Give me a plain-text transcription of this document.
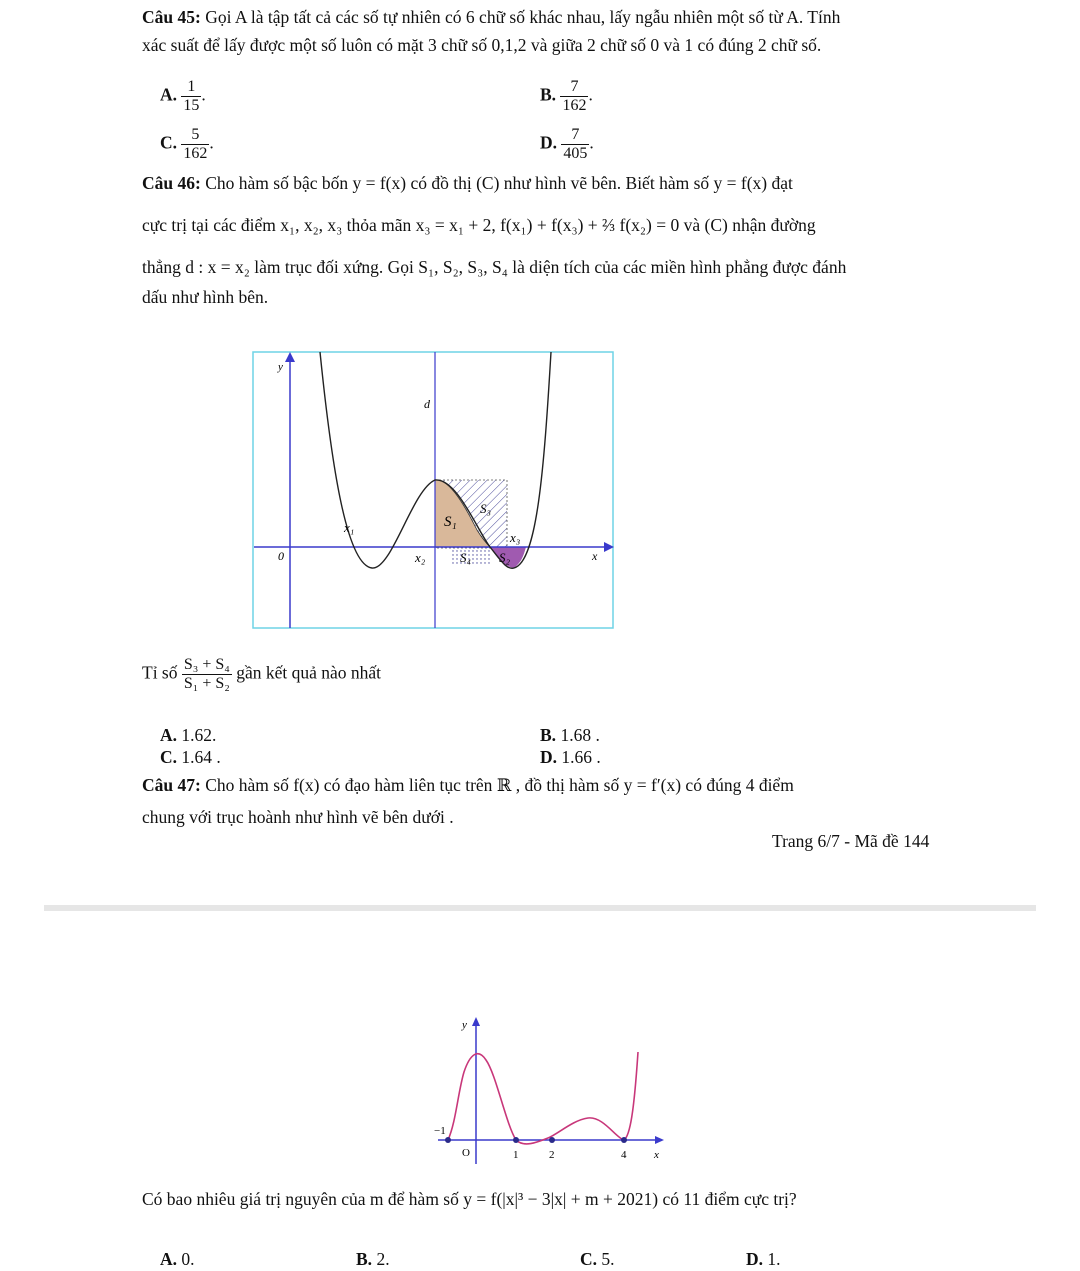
Câu 45: Gọi A là tập tất cả các số tự nhiên có 6 chữ số khác nhau, lấy ngẫu nhiên một số từ A. Tính
xác suất để lấy được một số luôn có mặt 3 chữ số 0,1,2 và giữa 2 chữ số 0 và 1 có đúng 2 chữ số.
A. $\frac{1}{15}$ .	B. $\frac{7}{162}$ .
C. $\frac{5}{162}$ .	D. $\frac{7}{405}$ .
Câu 46: Cho hàm số bậc bốn y = f(x) có đồ thị (C) như hình vẽ bên. Biết hàm số y = f(x) đạt
cực trị tại các điểm x₁, x₂, x₃ thỏa mãn x₃ = x₁ + 2, f(x₁) + f(x₃) + ⅔ f(x₂) = 0 và (C) nhận đường
thẳng d : x = x₂ làm trục đối xứng. Gọi S₁, S₂, S₃, S₄ là diện tích của các miền hình phẳng được đánh
dấu như hình bên.
y
d
x₁
0	x₂
x₃
x
S₁
S₂
S₃
S₄
Tỉ số $\frac{\text{S₃ + S₄}}{\text{S₁ + S₂}}$ gần kết quả nào nhất
A. 1.62.	B. 1.68 .
C. 1.64 .	D. 1.66 .
Câu 47: Cho hàm số f(x) có đạo hàm liên tục trên ℝ , đồ thị hàm số y = f′(x) có đúng 4 điểm
chung với trục hoành như hình vẽ bên dưới .
Trang 6/7 - Mã đề 144
y
−1
O	1	2	4	x
Có bao nhiêu giá trị nguyên của m để hàm số y = f(|x|³ − 3|x| + m + 2021) có 11 điểm cực trị?
A. 0.	B. 2.	C. 5.	D. 1.
